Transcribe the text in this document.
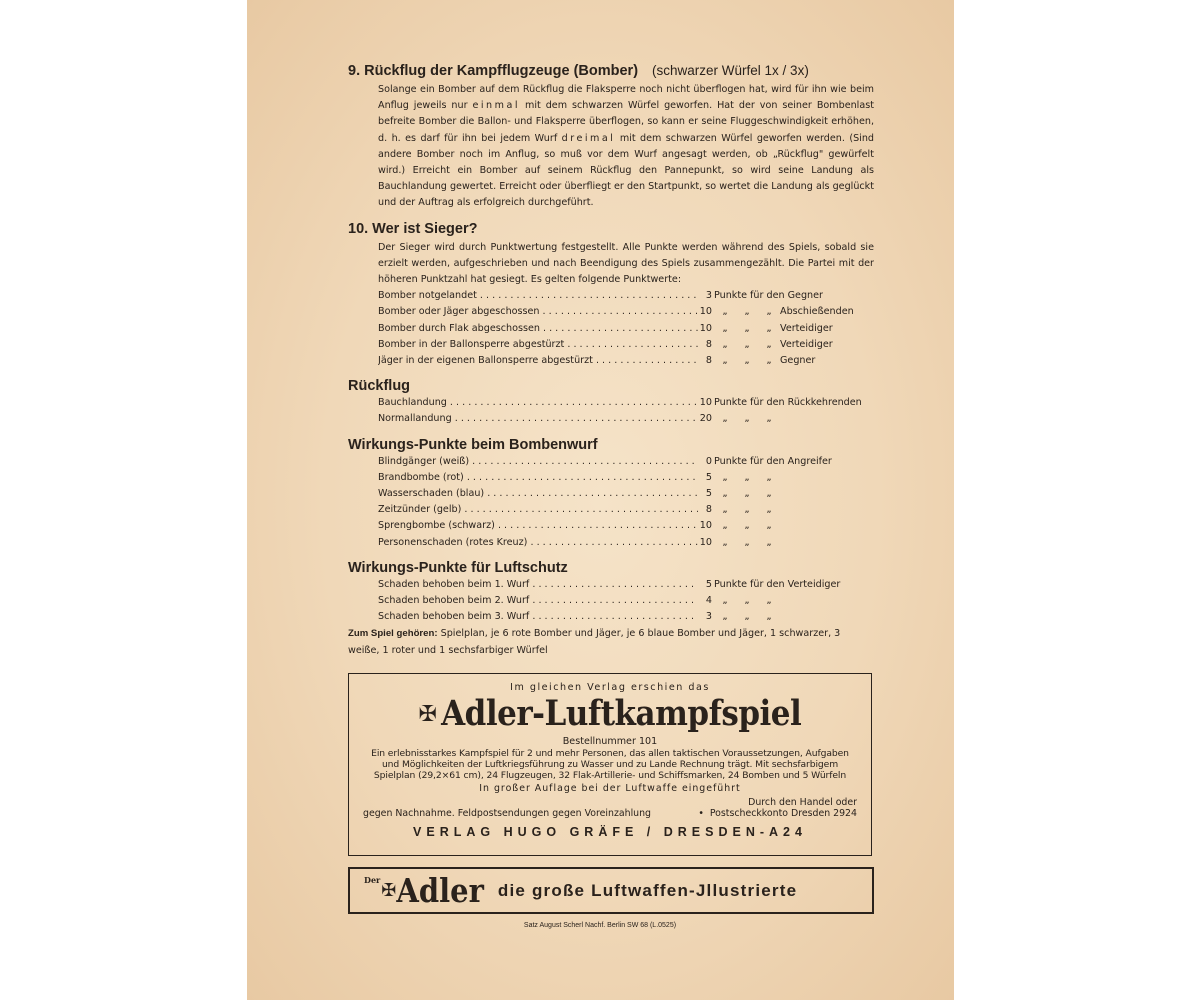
9. Rückflug der Kampfflugzeuge (Bomber) (schwarzer Würfel 1x / 3x)

Solange ein Bomber auf dem Rückflug die Flaksperre noch nicht überflogen hat, wird für ihn wie beim Anflug jeweils nur einmal mit dem schwarzen Würfel geworfen. Hat der von seiner Bombenlast befreite Bomber die Ballon- und Flaksperre überflogen, so kann er seine Fluggeschwindigkeit erhöhen, d. h. es darf für ihn bei jedem Wurf dreimal mit dem schwarzen Würfel geworfen werden. (Sind andere Bomber noch im Anflug, so muß vor dem Wurf angesagt werden, ob „Rückflug" gewürfelt wird.) Erreicht ein Bomber auf seinem Rückflug den Pannepunkt, so wird seine Landung als Bauchlandung gewertet. Erreicht oder überfliegt er den Startpunkt, so wertet die Landung als geglückt und der Auftrag als erfolgreich durchgeführt.

10. Wer ist Sieger?

Der Sieger wird durch Punktwertung festgestellt. Alle Punkte werden während des Spiels, sobald sie erzielt werden, aufgeschrieben und nach Beendigung des Spiels zusammengezählt. Die Partei mit der höheren Punktzahl hat gesiegt. Es gelten folgende Punktwerte:

Bomber notgelandet . . .	3 Punkte für den Gegner
Bomber oder Jäger abgeschossen . . .	10	„ „ „ Abschießenden
Bomber durch Flak abgeschossen . . .	10	„ „ „ Verteidiger
Bomber in der Ballonsperre abgestürzt . . .	8	„ „ „ Verteidiger
Jäger in der eigenen Ballonsperre abgestürzt . . .	8	„ „ „ Gegner
Rückflug
Bauchlandung . . .	10 Punkte für den Rückkehrenden
Normallandung . . .	20	„ „ „
Wirkungs-Punkte beim Bombenwurf
Blindgänger (weiß) . . .	0 Punkte für den Angreifer
Brandbombe (rot) . . .	5	„ „ „
Wasserschaden (blau) . . .	5	„ „ „
Zeitzünder (gelb) . . .	8	„ „ „
Sprengbombe (schwarz) . . .	10	„ „ „
Personenschaden (rotes Kreuz) . . .	10	„ „ „
Wirkungs-Punkte für Luftschutz
Schaden behoben beim 1. Wurf . . .	5 Punkte für den Verteidiger
Schaden behoben beim 2. Wurf . . .	4	„ „ „
Schaden behoben beim 3. Wurf . . .	3	„ „ „
Zum Spiel gehören: Spielplan, je 6 rote Bomber und Jäger, je 6 blaue Bomber und Jäger, 1 schwarzer, 3 weiße, 1 roter und 1 sechsfarbiger Würfel
Im gleichen Verlag erschien das
✠ Adler-Luftkampfspiel
Bestellnummer 101
Ein erlebnisstarkes Kampfspiel für 2 und mehr Personen, das allen taktischen Voraussetzungen, Aufgaben und Möglichkeiten der Luftkriegsführung zu Wasser und zu Lande Rechnung trägt. Mit sechsfarbigem Spielplan (29,2×61 cm), 24 Flugzeugen, 32 Flak-Artillerie- und Schiffsmarken, 24 Bomben und 5 Würfeln
In großer Auflage bei der Luftwaffe eingeführt
Durch den Handel oder
gegen Nachnahme. Feldpostsendungen gegen Voreinzahlung	•  Postscheckkonto Dresden 2924
VERLAG HUGO GRÄFE / DRESDEN-A24
Der ✠ Adler die große Luftwaffen-Jllustrierte
Satz August Scherl Nachf. Berlin SW 68 (L.0525)
